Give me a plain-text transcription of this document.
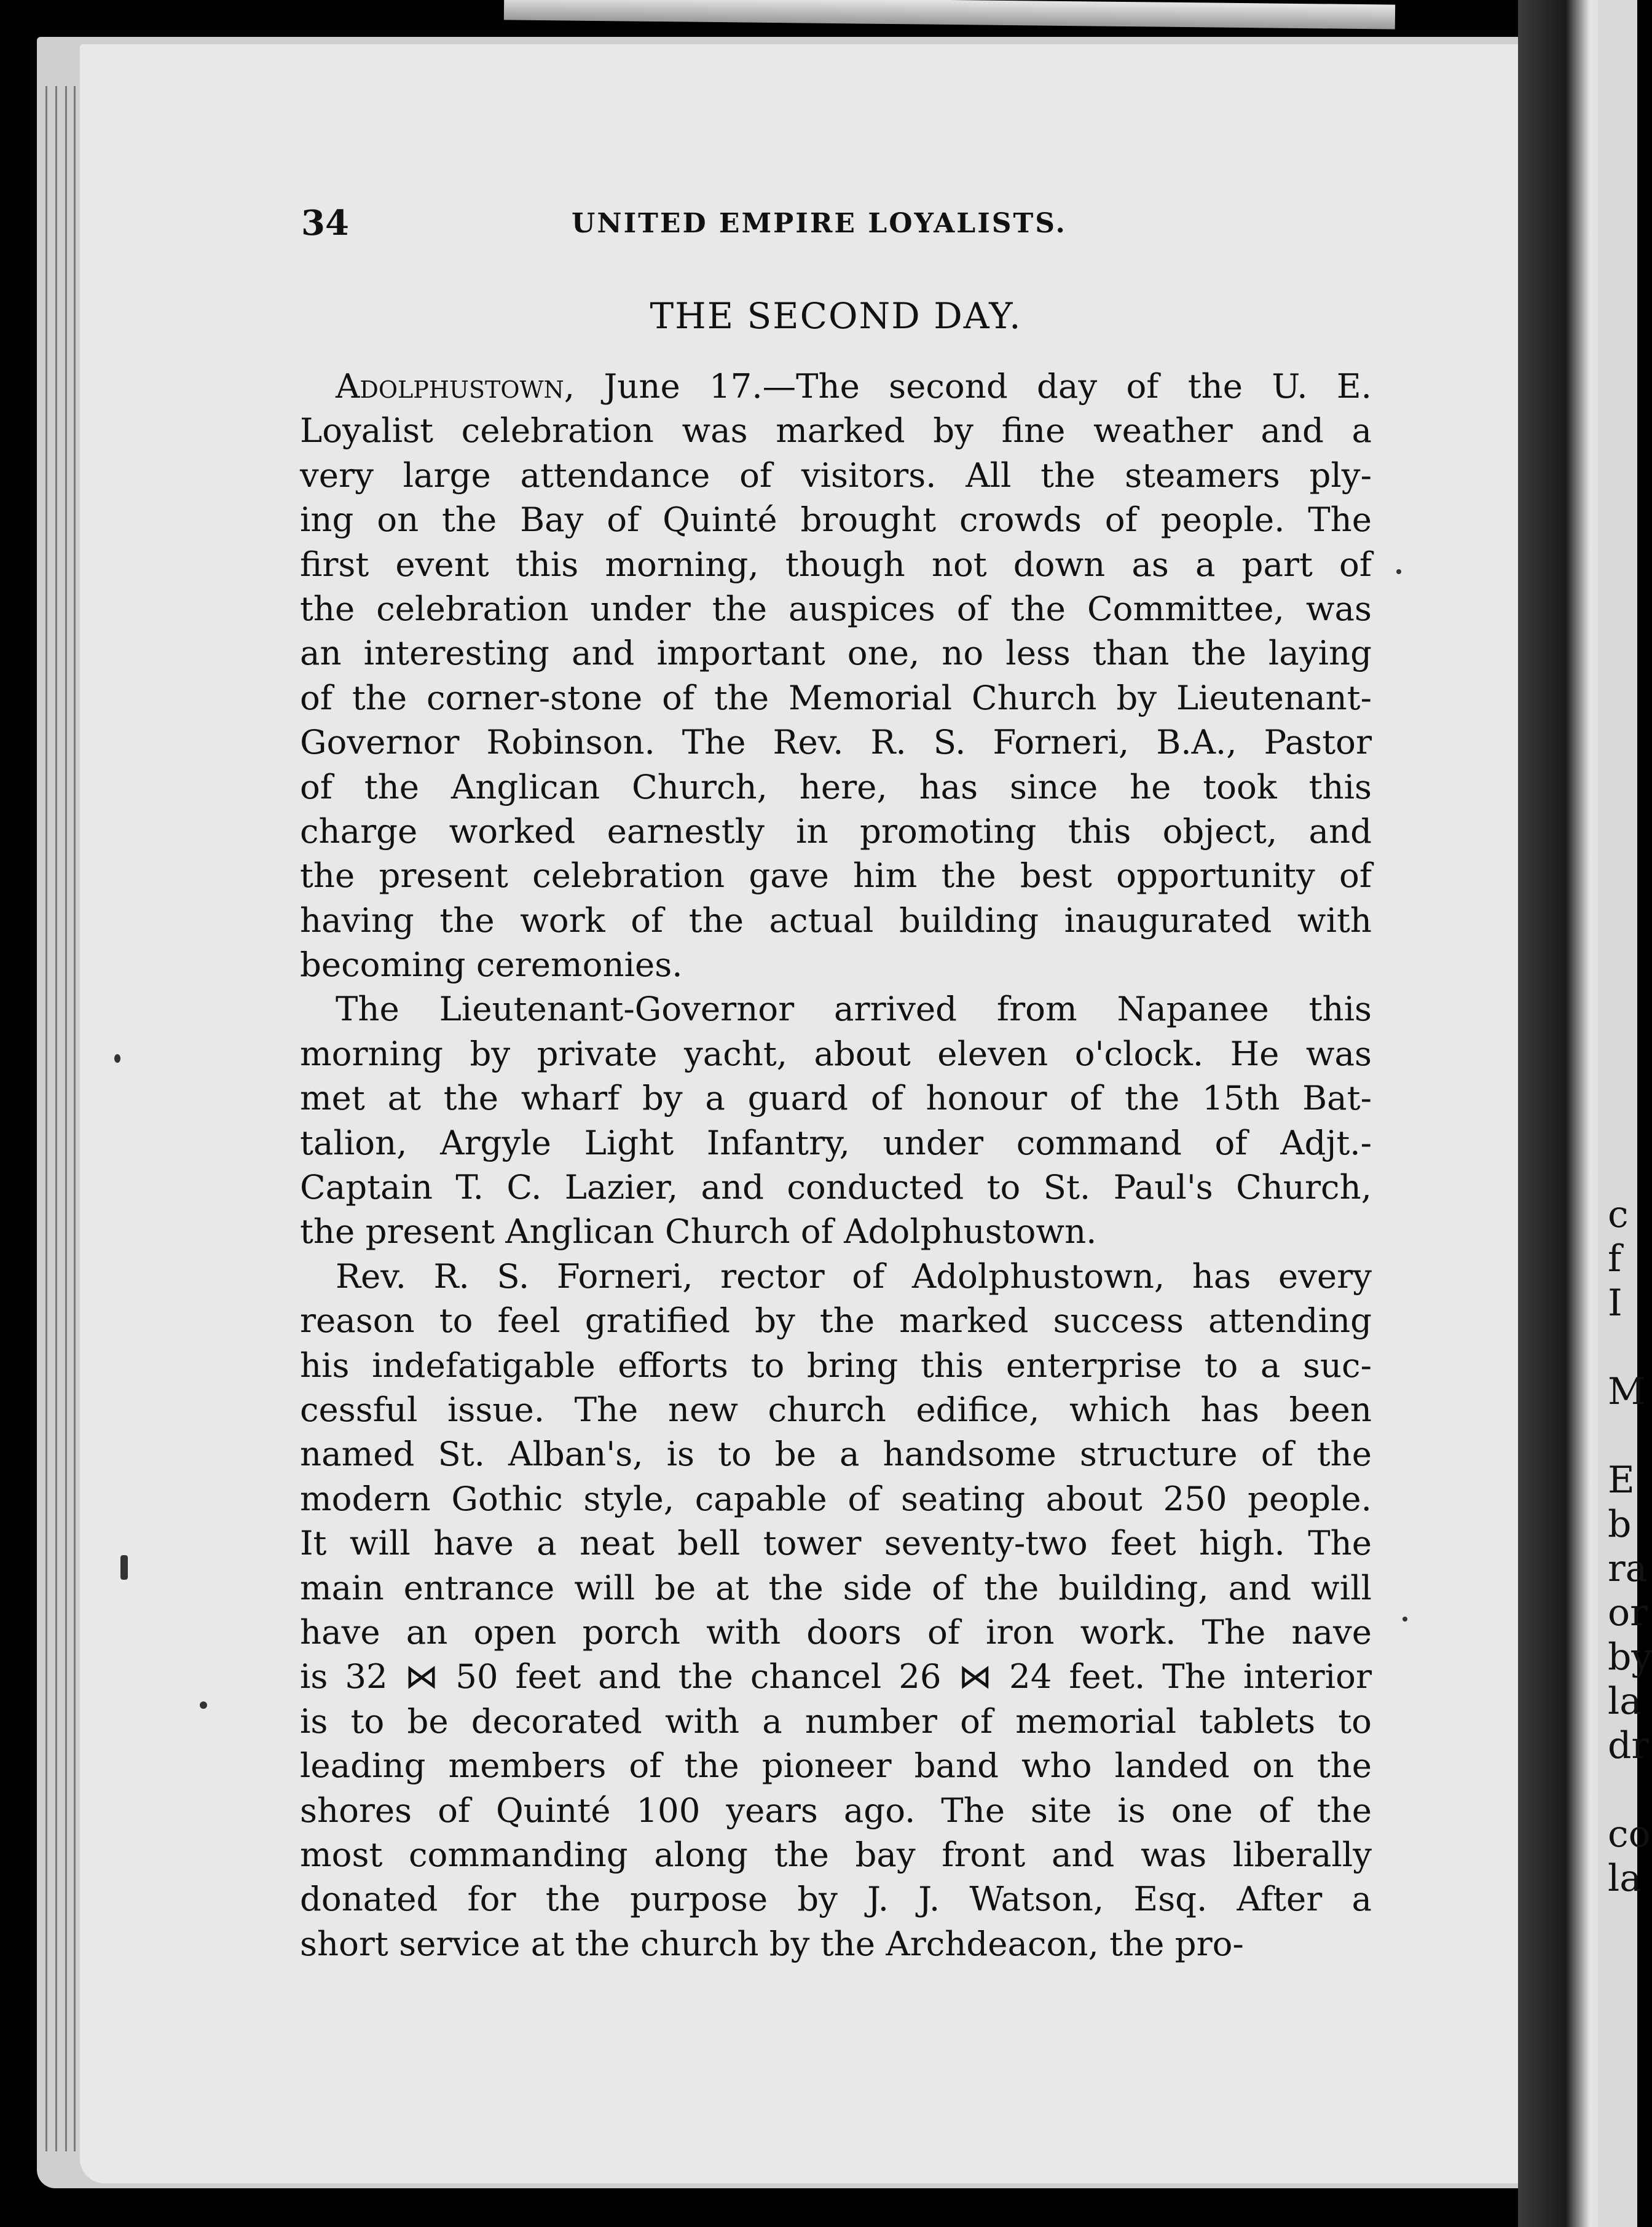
c
f
I

M

E
b
ra
or
by
la
dr

co
la
34	UNITED EMPIRE LOYALISTS.
THE SECOND DAY.
Adolphustown, June 17.—The second day of the U. E.
Loyalist celebration was marked by fine weather and a
very large attendance of visitors. All the steamers ply-
ing on the Bay of Quinté brought crowds of people. The
first event this morning, though not down as a part of
the celebration under the auspices of the Committee, was
an interesting and important one, no less than the laying
of the corner-stone of the Memorial Church by Lieutenant-
Governor Robinson. The Rev. R. S. Forneri, B.A., Pastor
of the Anglican Church, here, has since he took this
charge worked earnestly in promoting this object, and
the present celebration gave him the best opportunity of
having the work of the actual building inaugurated with
becoming ceremonies.
The Lieutenant-Governor arrived from Napanee this
morning by private yacht, about eleven o'clock. He was
met at the wharf by a guard of honour of the 15th Bat-
talion, Argyle Light Infantry, under command of Adjt.-
Captain T. C. Lazier, and conducted to St. Paul's Church,
the present Anglican Church of Adolphustown.
Rev. R. S. Forneri, rector of Adolphustown, has every
reason to feel gratified by the marked success attending
his indefatigable efforts to bring this enterprise to a suc-
cessful issue. The new church edifice, which has been
named St. Alban's, is to be a handsome structure of the
modern Gothic style, capable of seating about 250 people.
It will have a neat bell tower seventy-two feet high. The
main entrance will be at the side of the building, and will
have an open porch with doors of iron work. The nave
is 32 ⋈ 50 feet and the chancel 26 ⋈ 24 feet. The interior
is to be decorated with a number of memorial tablets to
leading members of the pioneer band who landed on the
shores of Quinté 100 years ago. The site is one of the
most commanding along the bay front and was liberally
donated for the purpose by J. J. Watson, Esq. After a
short service at the church by the Archdeacon, the pro-
